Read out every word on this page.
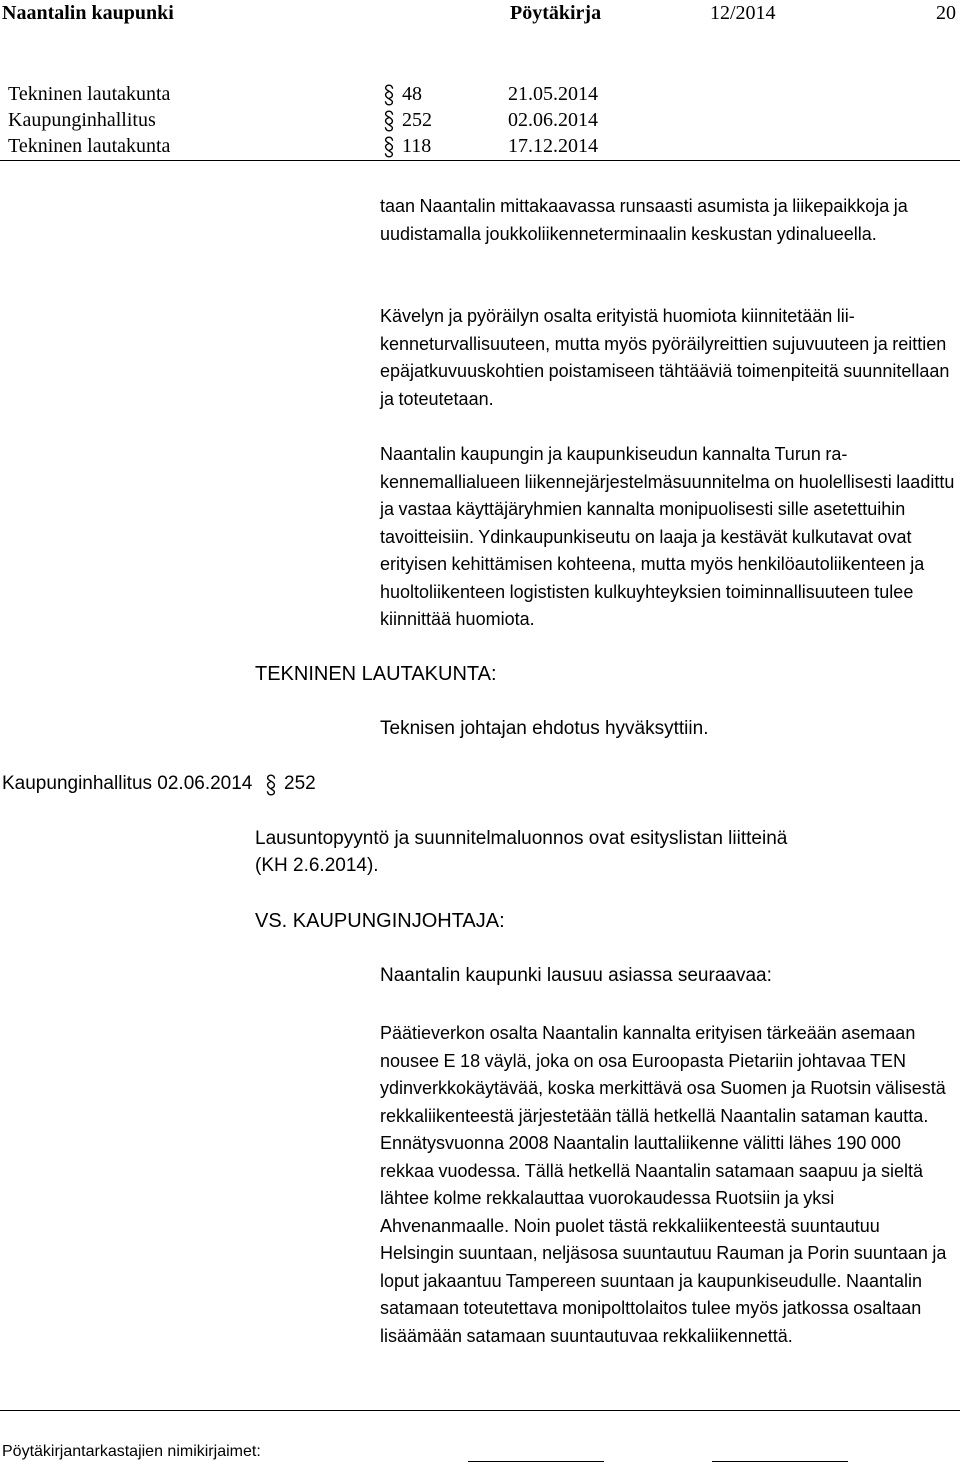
Naantalin kaupunki	Pöytäkirja	12/2014	20
Tekninen lautakunta	48	21.05.2014
Kaupunginhallitus	252	02.06.2014
Tekninen lautakunta	118	17.12.2014
taan Naantalin mittakaavassa runsaasti asumista ja liikepaikkoja ja uudistamalla joukkoliikenneterminaalin keskustan ydinalueella.
Kävelyn ja pyöräilyn osalta erityistä huomiota kiinnitetään liikenneturvallisuuteen, mutta myös pyöräilyreittien sujuvuuteen ja reittien epäjatkuvuuskohtien poistamiseen tähtääviä toimenpiteitä suunnitellaan ja toteutetaan.
Naantalin kaupungin ja kaupunkiseudun kannalta Turun rakennemallialueen liikennejärjestelmäsuunnitelma on huolellisesti laadittu ja vastaa käyttäjäryhmien kannalta monipuolisesti sille asetettuihin tavoitteisiin. Ydinkaupunkiseutu on laaja ja kestävät kulkutavat ovat erityisen kehittämisen kohteena, mutta myös henkilöautoliikenteen ja huoltoliikenteen logististen kulkuyhteyksien toiminnallisuuteen tulee kiinnittää huomiota.
TEKNINEN LAUTAKUNTA:
Teknisen johtajan ehdotus hyväksyttiin.
Kaupunginhallitus 02.06.2014 252
Lausuntopyyntö ja suunnitelmaluonnos ovat esityslistan liitteinä
(KH 2.6.2014).
VS. KAUPUNGINJOHTAJA:
Naantalin kaupunki lausuu asiassa seuraavaa:
Päätieverkon osalta Naantalin kannalta erityisen tärkeään asemaan nousee E 18 väylä, joka on osa Euroopasta Pietariin johtavaa TEN ydinverkkokäytävää, koska merkittävä osa Suomen ja Ruotsin välisestä rekkaliikenteestä järjestetään tällä hetkellä Naantalin sataman kautta. Ennätysvuonna 2008 Naantalin lauttaliikenne välitti lähes 190 000 rekkaa vuodessa. Tällä hetkellä Naantalin satamaan saapuu ja sieltä lähtee kolme rekkalauttaa vuorokaudessa Ruotsiin ja yksi Ahvenanmaalle. Noin puolet tästä rekkaliikenteestä suuntautuu Helsingin suuntaan, neljäsosa suuntautuu Rauman ja Porin suuntaan ja loput jakaantuu Tampereen suuntaan ja kaupunkiseudulle. Naantalin satamaan toteutettava monipolttolaitos tulee myös jatkossa osaltaan lisäämään satamaan suuntautuvaa rekkaliikennettä.
Pöytäkirjantarkastajien nimikirjaimet:
